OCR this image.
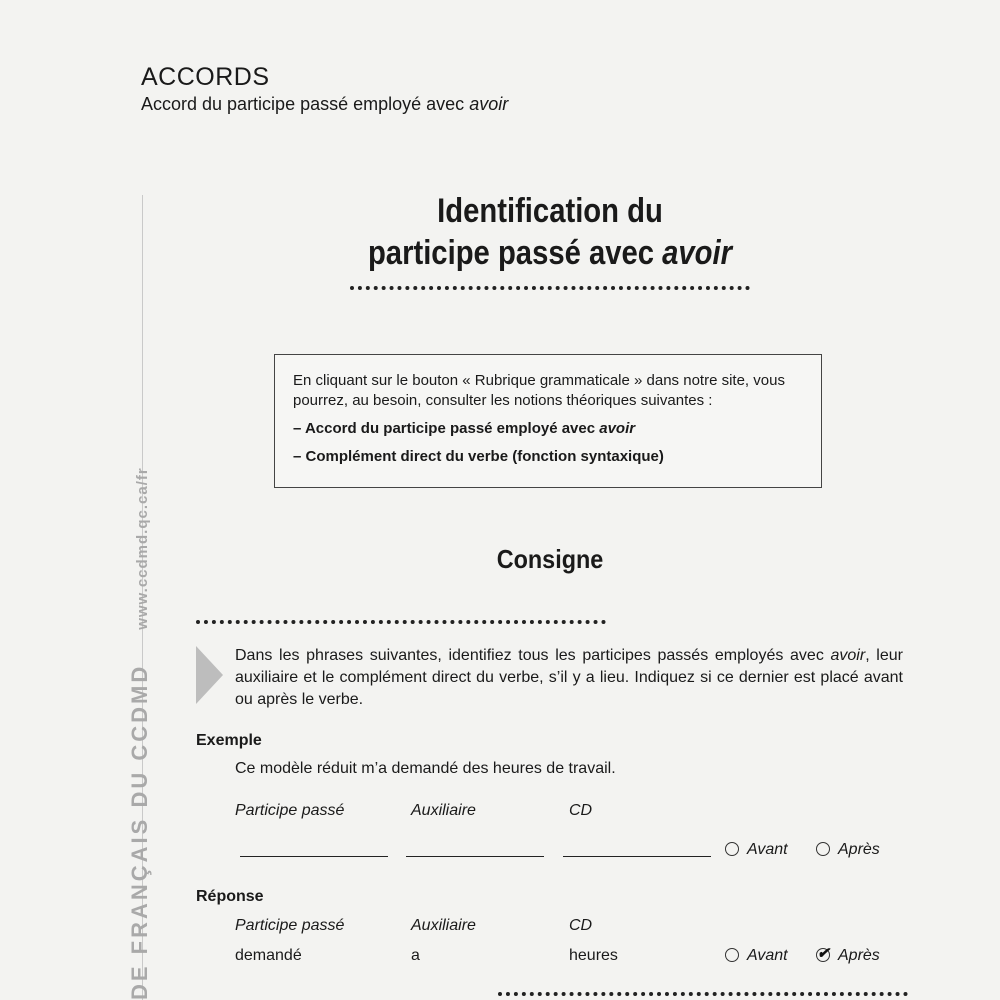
ACCORDS
Accord du participe passé employé avec avoir
DE FRANÇAIS DU CCDMDwww.ccdmd.qc.ca/fr
Identification du
participe passé avec avoir
En cliquant sur le bouton « Rubrique grammaticale » dans notre site, vous pourrez, au besoin, consulter les notions théoriques suivantes :
– Accord du participe passé employé avec avoir
– Complément direct du verbe (fonction syntaxique)
Consigne
Dans les phrases suivantes, identifiez tous les participes passés employés avec avoir, leur auxiliaire et le complément direct du verbe, s’il y a lieu. Indiquez si ce dernier est placé avant ou après le verbe.
Exemple
Ce modèle réduit m’a demandé des heures de travail.
Participe passé	Auxiliaire	CD
Avant	Après
Réponse
Participe passé	Auxiliaire	CD
demandé	a	heures	Avant
✔	Après
